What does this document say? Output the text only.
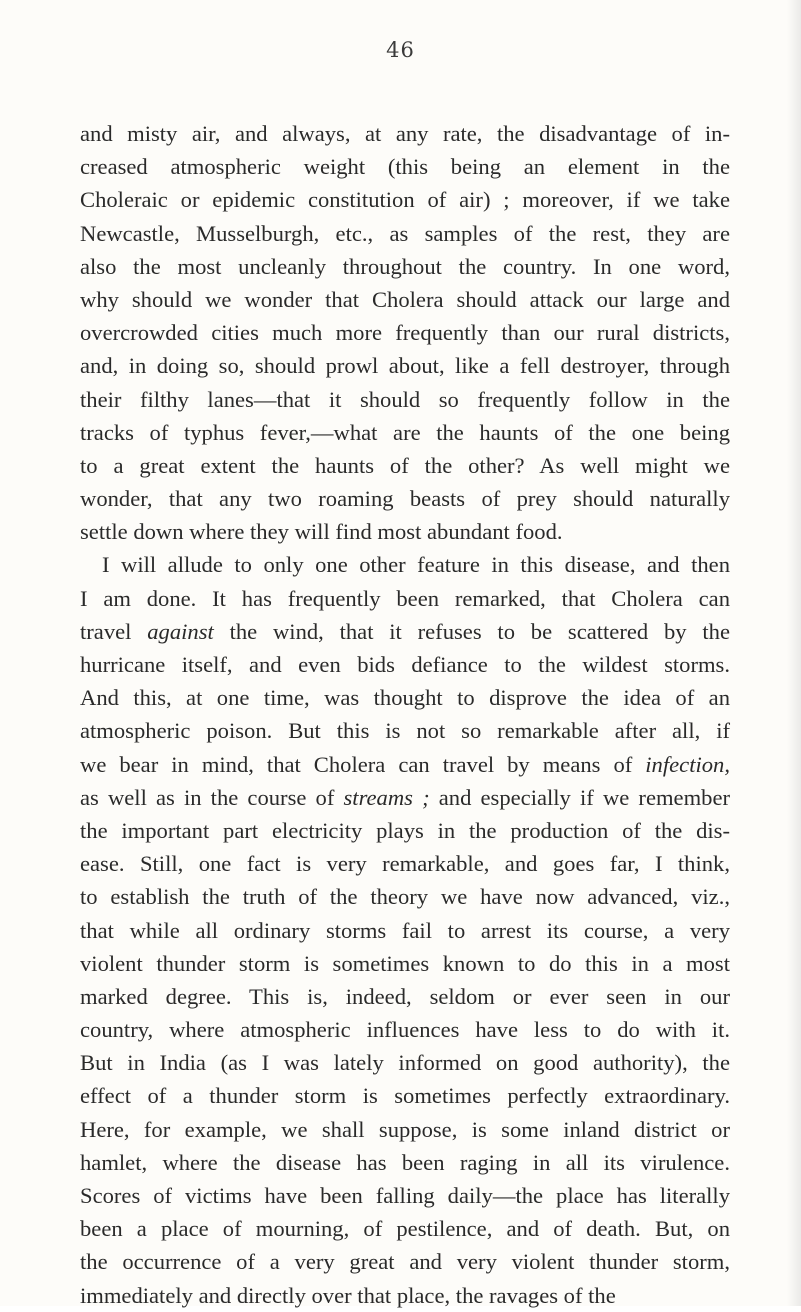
46
and misty air, and always, at any rate, the disadvantage of in-
creased atmospheric weight (this being an element in the
Choleraic or epidemic constitution of air) ; moreover, if we take
Newcastle, Musselburgh, etc., as samples of the rest, they are
also the most uncleanly throughout the country. In one word,
why should we wonder that Cholera should attack our large and
overcrowded cities much more frequently than our rural districts,
and, in doing so, should prowl about, like a fell destroyer, through
their filthy lanes—that it should so frequently follow in the
tracks of typhus fever,—what are the haunts of the one being
to a great extent the haunts of the other? As well might we
wonder, that any two roaming beasts of prey should naturally
settle down where they will find most abundant food.
I will allude to only one other feature in this disease, and then
I am done. It has frequently been remarked, that Cholera can
travel against the wind, that it refuses to be scattered by the
hurricane itself, and even bids defiance to the wildest storms.
And this, at one time, was thought to disprove the idea of an
atmospheric poison. But this is not so remarkable after all, if
we bear in mind, that Cholera can travel by means of infection,
as well as in the course of streams ; and especially if we remember
the important part electricity plays in the production of the dis-
ease. Still, one fact is very remarkable, and goes far, I think,
to establish the truth of the theory we have now advanced, viz.,
that while all ordinary storms fail to arrest its course, a very
violent thunder storm is sometimes known to do this in a most
marked degree. This is, indeed, seldom or ever seen in our
country, where atmospheric influences have less to do with it.
But in India (as I was lately informed on good authority), the
effect of a thunder storm is sometimes perfectly extraordinary.
Here, for example, we shall suppose, is some inland district or
hamlet, where the disease has been raging in all its virulence.
Scores of victims have been falling daily—the place has literally
been a place of mourning, of pestilence, and of death. But, on
the occurrence of a very great and very violent thunder storm,
immediately and directly over that place, the ravages of the
